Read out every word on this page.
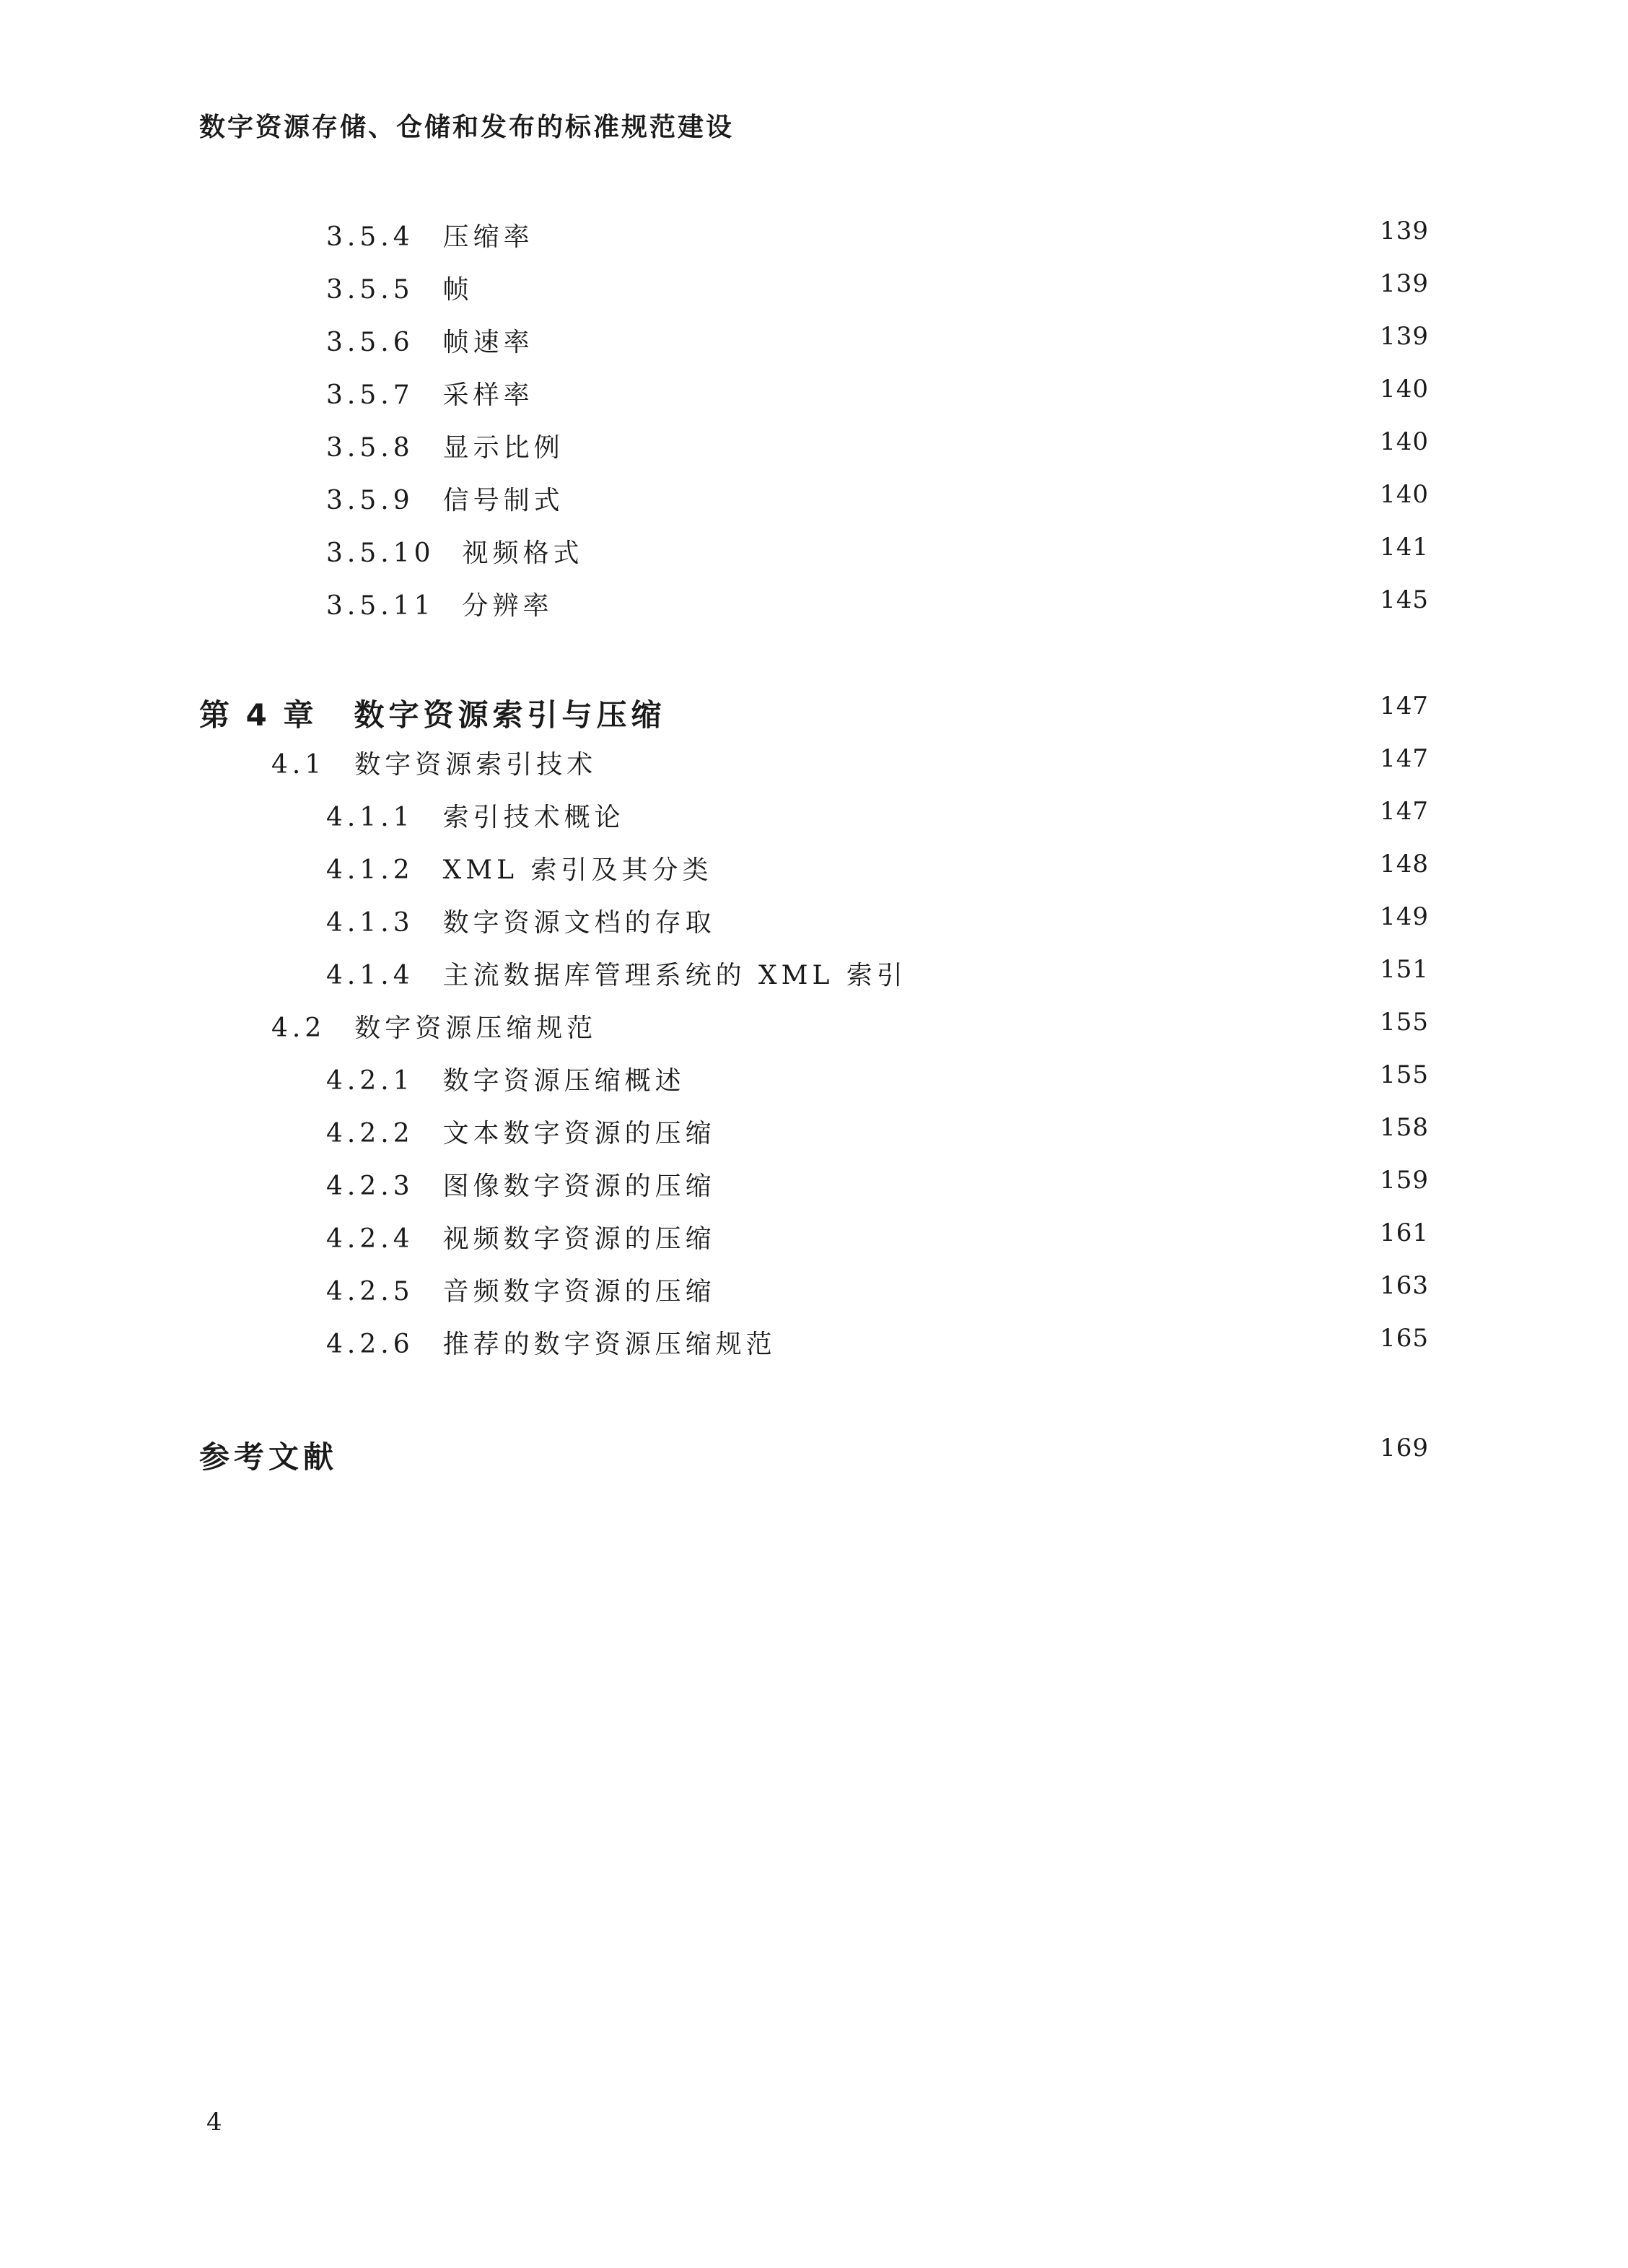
数字资源存储、仓储和发布的标准规范建设
3.5.4 压缩率	139
3.5.5 帧	139
3.5.6 帧速率	139
3.5.7 采样率	140
3.5.8 显示比例	140
3.5.9 信号制式	140
3.5.10 视频格式	141
3.5.11 分辨率	145
第 4 章 数字资源索引与压缩	147
4.1 数字资源索引技术	147
4.1.1 索引技术概论	147
4.1.2 XML 索引及其分类	148
4.1.3 数字资源文档的存取	149
4.1.4 主流数据库管理系统的 XML 索引	151
4.2 数字资源压缩规范	155
4.2.1 数字资源压缩概述	155
4.2.2 文本数字资源的压缩	158
4.2.3 图像数字资源的压缩	159
4.2.4 视频数字资源的压缩	161
4.2.5 音频数字资源的压缩	163
4.2.6 推荐的数字资源压缩规范	165
参考文献	169
4
